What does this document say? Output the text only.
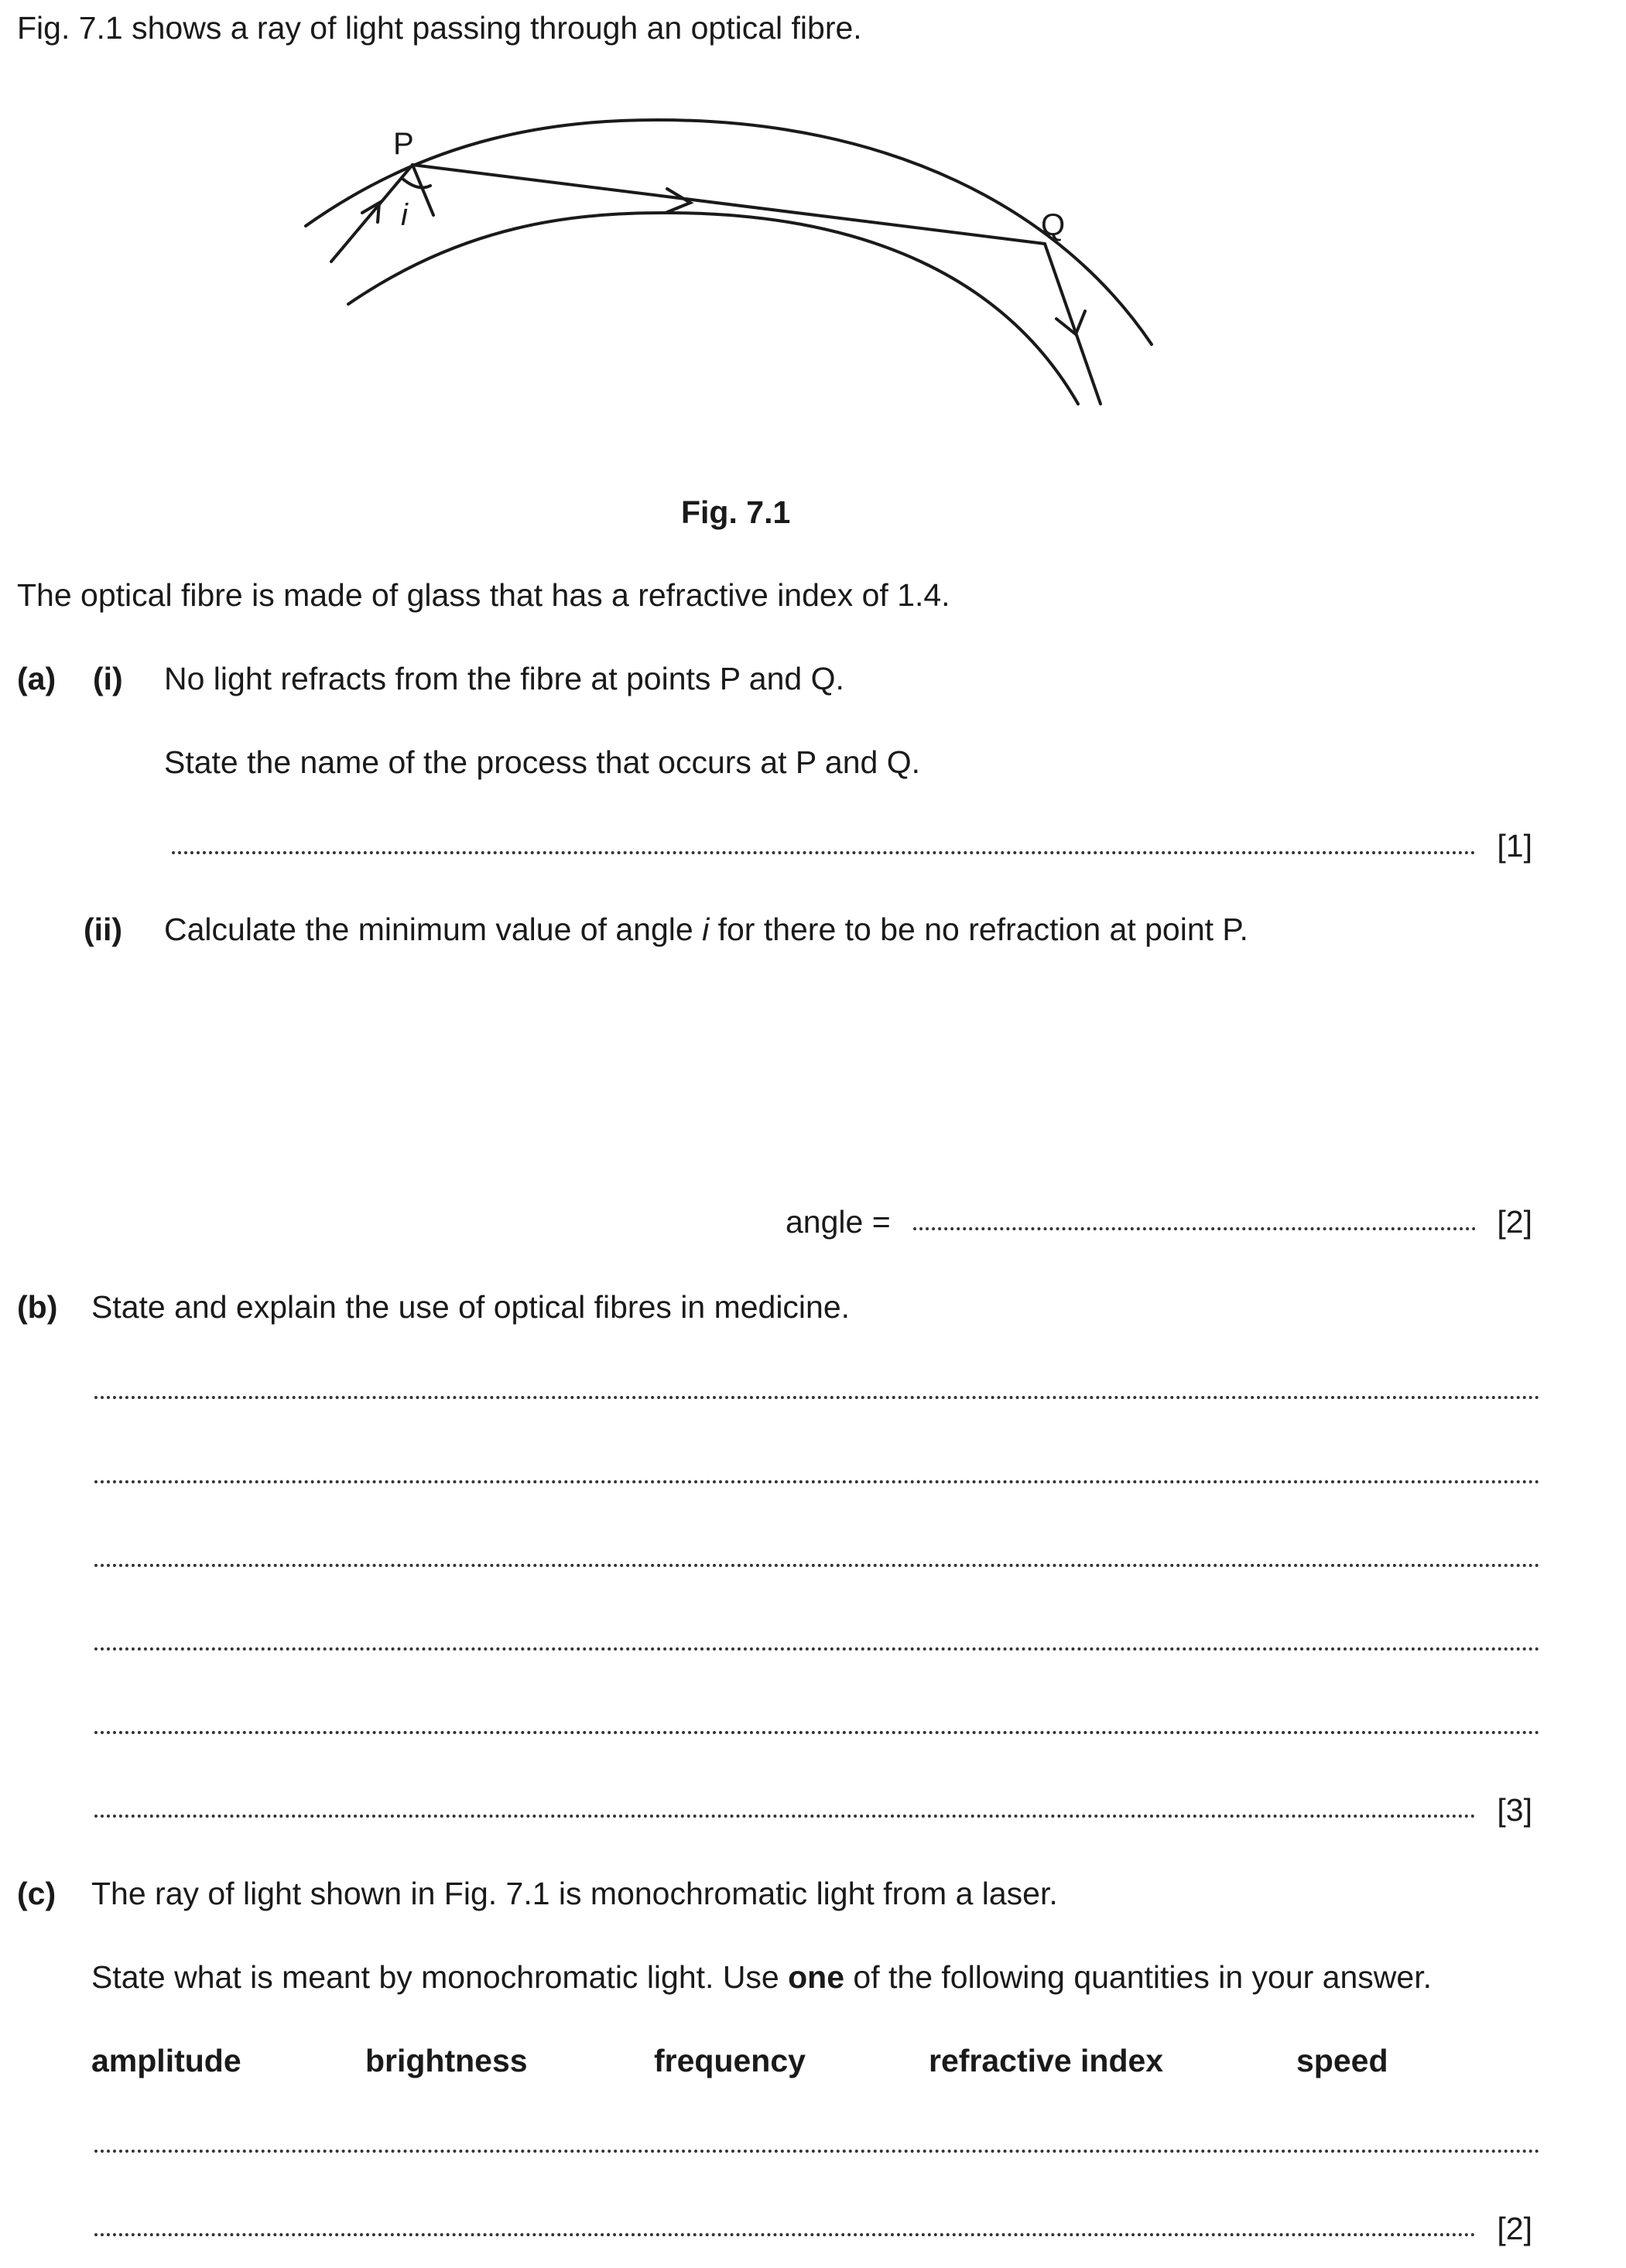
Fig. 7.1 shows a ray of light passing through an optical fibre.
P
i	Q
Fig. 7.1
The optical fibre is made of glass that has a refractive index of 1.4.
(a) (i) No light refracts from the fibre at points P and Q.
State the name of the process that occurs at P and Q.
[1]
(ii) Calculate the minimum value of angle i for there to be no refraction at point P.
angle =	[2]
(b) State and explain the use of optical fibres in medicine.
[3]
(c) The ray of light shown in Fig. 7.1 is monochromatic light from a laser.
State what is meant by monochromatic light. Use one of the following quantities in your answer.
amplitude	brightness	frequency	refractive index	speed
[2]
